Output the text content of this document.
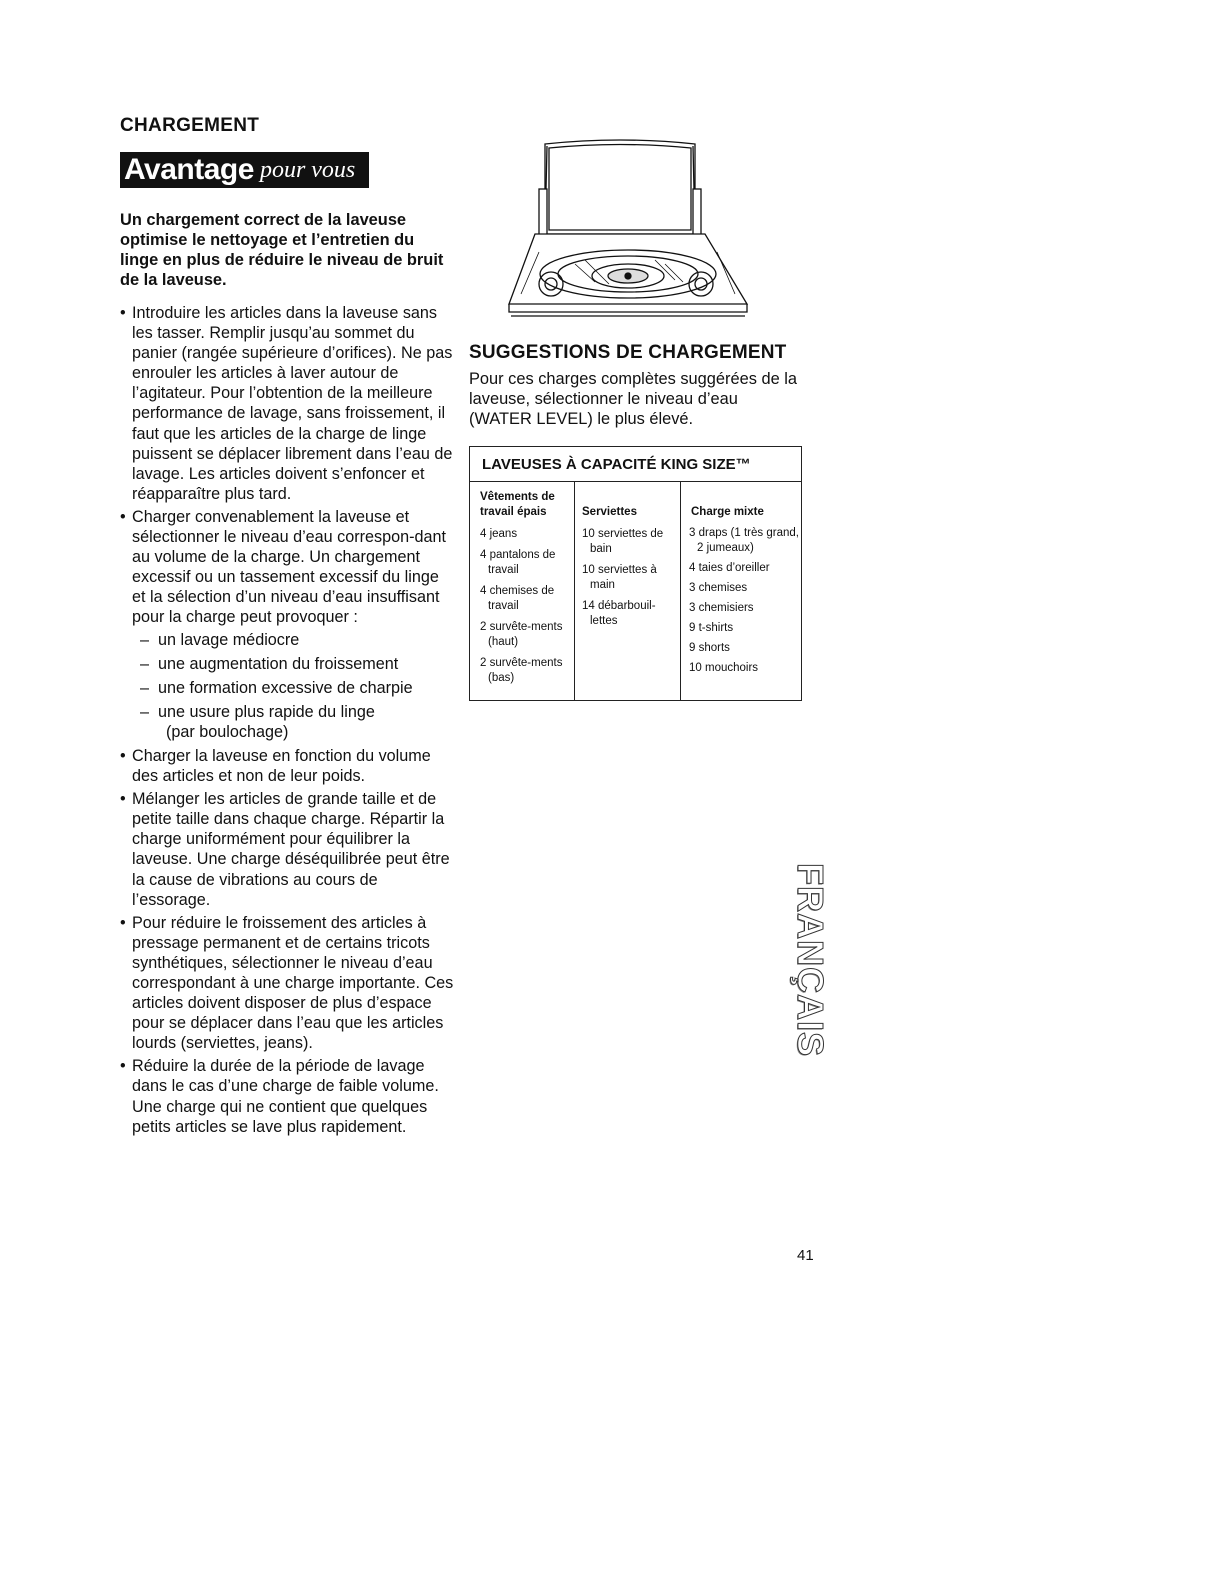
CHARGEMENT
Avantage pour vous
Un chargement correct de la laveuse optimise le nettoyage et l’entretien du linge en plus de réduire le niveau de bruit de la laveuse.
• Introduire les articles dans la laveuse sans les tasser. Remplir jusqu’au sommet du panier (rangée supérieure d’orifices). Ne pas enrouler les articles à laver autour de l’agitateur. Pour l’obtention de la meilleure performance de lavage, sans froissement, il faut que les articles de la charge de linge puissent se déplacer librement dans l’eau de lavage. Les articles doivent s’enfoncer et réapparaître plus tard.
• Charger convenablement la laveuse et sélectionner le niveau d’eau correspon-dant au volume de la charge. Un chargement excessif ou un tassement excessif du linge et la sélection d’un niveau d’eau insuffisant pour la charge peut provoquer :
– un lavage médiocre
– une augmentation du froissement
– une formation excessive de charpie
– une usure plus rapide du linge
(par boulochage)
• Charger la laveuse en fonction du volume des articles et non de leur poids.
• Mélanger les articles de grande taille et de petite taille dans chaque charge. Répartir la charge uniformément pour équilibrer la laveuse. Une charge déséquilibrée peut être la cause de vibrations au cours de l’essorage.
• Pour réduire le froissement des articles à pressage permanent et de certains tricots synthétiques, sélectionner le niveau d’eau correspondant à une charge importante. Ces articles doivent disposer de plus d’espace pour se déplacer dans l’eau que les articles lourds (serviettes, jeans).
• Réduire la durée de la période de lavage dans le cas d’une charge de faible volume. Une charge qui ne contient que quelques petits articles se lave plus rapidement.
SUGGESTIONS DE CHARGEMENT
Pour ces charges complètes suggérées de la laveuse, sélectionner le niveau d’eau (WATER LEVEL) le plus élevé.
LAVEUSES À CAPACITÉ KING SIZE™
Vêtements de travail épais
4 jeans
4 pantalons de travail
4 chemises de travail
2 survête-ments (haut)
2 survête-ments (bas)
Serviettes
10 serviettes de bain
10 serviettes à main
14 débarbouil-lettes
Charge mixte
3 draps (1 très grand, 2 jumeaux)
4 taies d’oreiller
3 chemises
3 chemisiers
9 t-shirts
9 shorts
10 mouchoirs
FRANÇAIS
41
